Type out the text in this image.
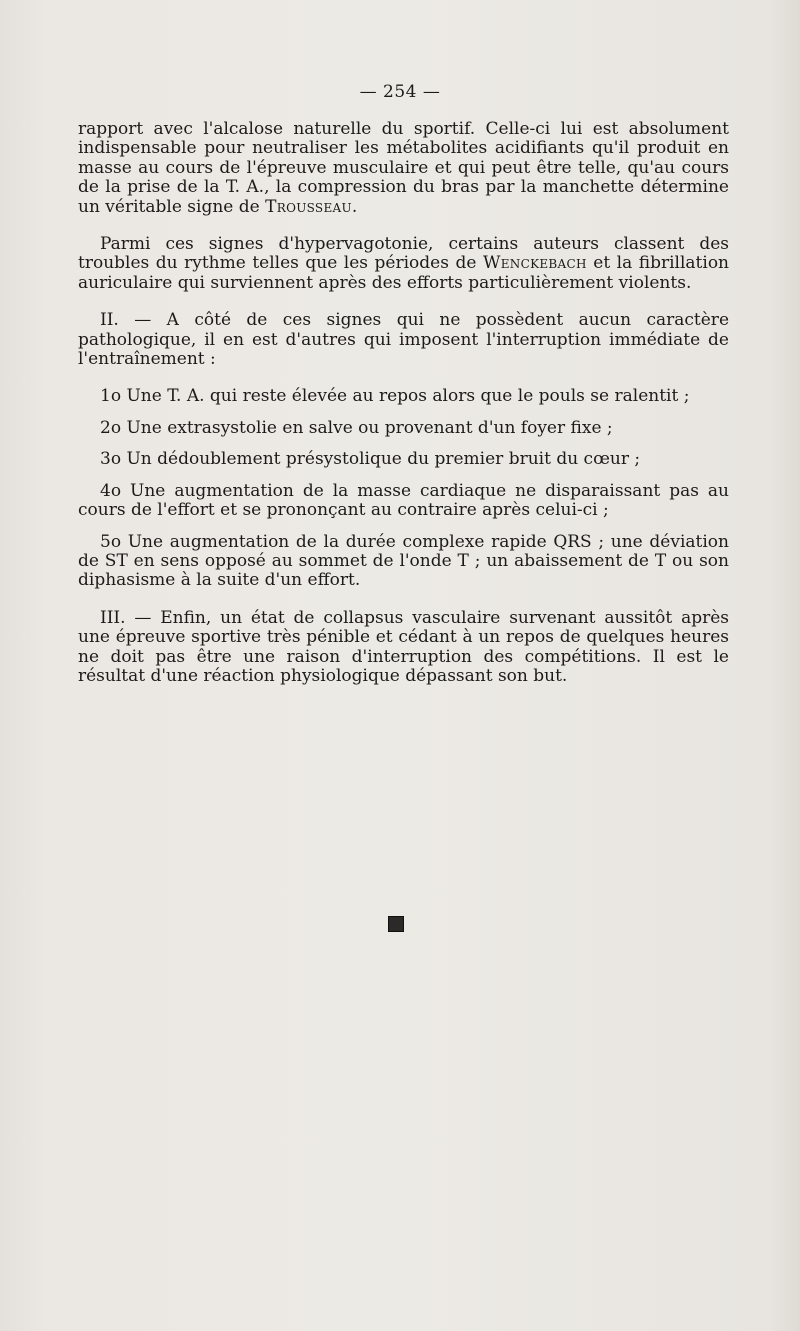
— 254 —

rapport avec l'alcalose naturelle du sportif. Celle-ci lui est absolument indispensable pour neutraliser les métabolites acidifiants qu'il produit en masse au cours de l'épreuve musculaire et qui peut être telle, qu'au cours de la prise de la T. A., la compression du bras par la manchette détermine un véritable signe de Trousseau.

Parmi ces signes d'hypervagotonie, certains auteurs classent des troubles du rythme telles que les périodes de Wenckebach et la fibrillation auriculaire qui surviennent après des efforts particulièrement violents.

II. — A côté de ces signes qui ne possèdent aucun caractère pathologique, il en est d'autres qui imposent l'interruption immédiate de l'entraînement :

1o Une T. A. qui reste élevée au repos alors que le pouls se ralentit ;

2o Une extrasystolie en salve ou provenant d'un foyer fixe ;

3o Un dédoublement présystolique du premier bruit du cœur ;

4o Une augmentation de la masse cardiaque ne disparaissant pas au cours de l'effort et se prononçant au contraire après celui-ci ;

5o Une augmentation de la durée complexe rapide QRS ; une déviation de ST en sens opposé au sommet de l'onde T ; un abaissement de T ou son diphasisme à la suite d'un effort.

III. — Enfin, un état de collapsus vasculaire survenant aussitôt après une épreuve sportive très pénible et cédant à un repos de quelques heures ne doit pas être une raison d'interruption des compétitions. Il est le résultat d'une réaction physiologique dépassant son but.
